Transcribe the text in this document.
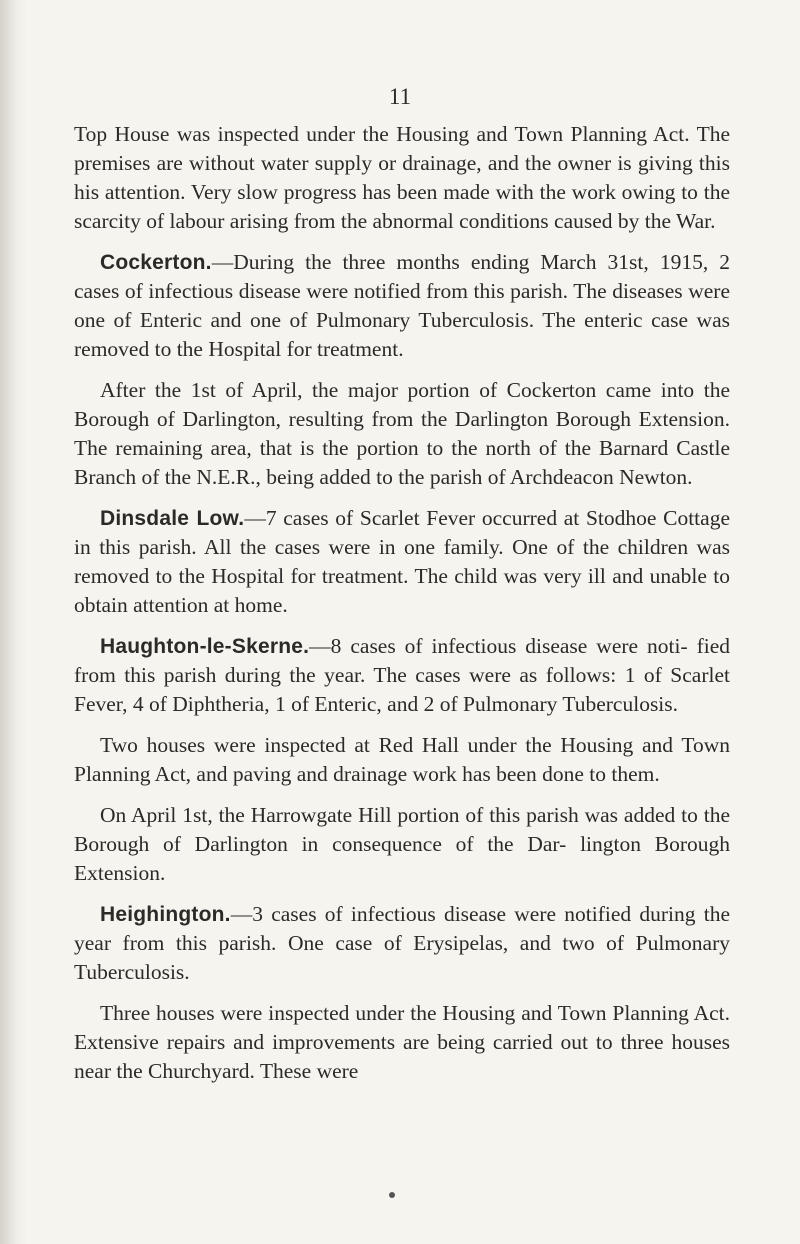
11

Top House was inspected under the Housing and Town Planning Act. The premises are without water supply or drainage, and the owner is giving this his attention. Very slow progress has been made with the work owing to the scarcity of labour arising from the abnormal conditions caused by the War.

Cockerton.—During the three months ending March 31st, 1915, 2 cases of infectious disease were notified from this parish. The diseases were one of Enteric and one of Pulmonary Tuberculosis. The enteric case was removed to the Hospital for treatment.

After the 1st of April, the major portion of Cockerton came into the Borough of Darlington, resulting from the Darlington Borough Extension. The remaining area, that is the portion to the north of the Barnard Castle Branch of the N.E.R., being added to the parish of Archdeacon Newton.

Dinsdale Low.—7 cases of Scarlet Fever occurred at Stodhoe Cottage in this parish. All the cases were in one family. One of the children was removed to the Hospital for treatment. The child was very ill and unable to obtain attention at home.

Haughton-le-Skerne.—8 cases of infectious disease were noti- fied from this parish during the year. The cases were as follows: 1 of Scarlet Fever, 4 of Diphtheria, 1 of Enteric, and 2 of Pulmonary Tuberculosis.

Two houses were inspected at Red Hall under the Housing and Town Planning Act, and paving and drainage work has been done to them.

On April 1st, the Harrowgate Hill portion of this parish was added to the Borough of Darlington in consequence of the Dar- lington Borough Extension.

Heighington.—3 cases of infectious disease were notified during the year from this parish. One case of Erysipelas, and two of Pulmonary Tuberculosis.

Three houses were inspected under the Housing and Town Planning Act. Extensive repairs and improvements are being carried out to three houses near the Churchyard. These were
